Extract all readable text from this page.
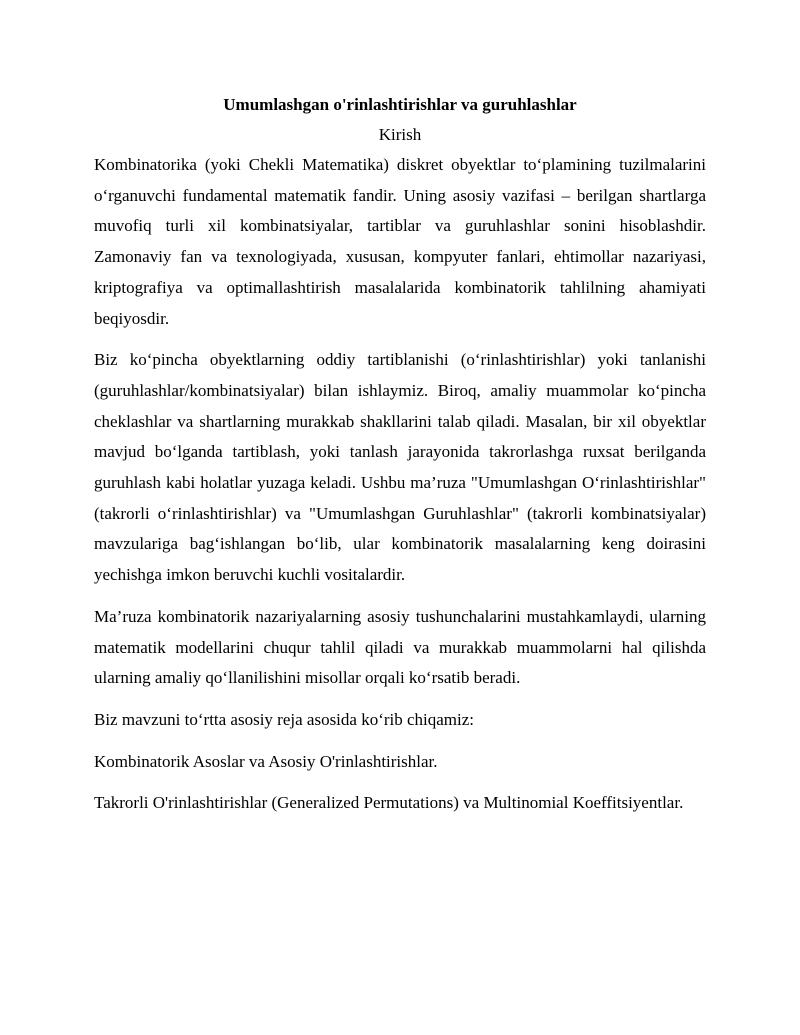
Umumlashgan o'rinlashtirishlar va guruhlashlar
Kirish

Kombinatorika (yoki Chekli Matematika) diskret obyektlar to‘plamining tuzilmalarini o‘rganuvchi fundamental matematik fandir. Uning asosiy vazifasi – berilgan shartlarga muvofiq turli xil kombinatsiyalar, tartiblar va guruhlashlar sonini hisoblashdir. Zamonaviy fan va texnologiyada, xususan, kompyuter fanlari, ehtimollar nazariyasi, kriptografiya va optimallashtirish masalalarida kombinatorik tahlilning ahamiyati beqiyosdir.

Biz ko‘pincha obyektlarning oddiy tartiblanishi (o‘rinlashtirishlar) yoki tanlanishi (guruhlashlar/kombinatsiyalar) bilan ishlaymiz. Biroq, amaliy muammolar ko‘pincha cheklashlar va shartlarning murakkab shakllarini talab qiladi. Masalan, bir xil obyektlar mavjud bo‘lganda tartiblash, yoki tanlash jarayonida takrorlashga ruxsat berilganda guruhlash kabi holatlar yuzaga keladi. Ushbu ma’ruza "Umumlashgan O‘rinlashtirishlar" (takrorli o‘rinlashtirishlar) va "Umumlashgan Guruhlashlar" (takrorli kombinatsiyalar) mavzulariga bag‘ishlangan bo‘lib, ular kombinatorik masalalarning keng doirasini yechishga imkon beruvchi kuchli vositalardir.

Ma’ruza kombinatorik nazariyalarning asosiy tushunchalarini mustahkamlaydi, ularning matematik modellarini chuqur tahlil qiladi va murakkab muammolarni hal qilishda ularning amaliy qo‘llanilishini misollar orqali ko‘rsatib beradi.

Biz mavzuni to‘rtta asosiy reja asosida ko‘rib chiqamiz:

Kombinatorik Asoslar va Asosiy O'rinlashtirishlar.

Takrorli O'rinlashtirishlar (Generalized Permutations) va Multinomial Koeffitsiyentlar.
